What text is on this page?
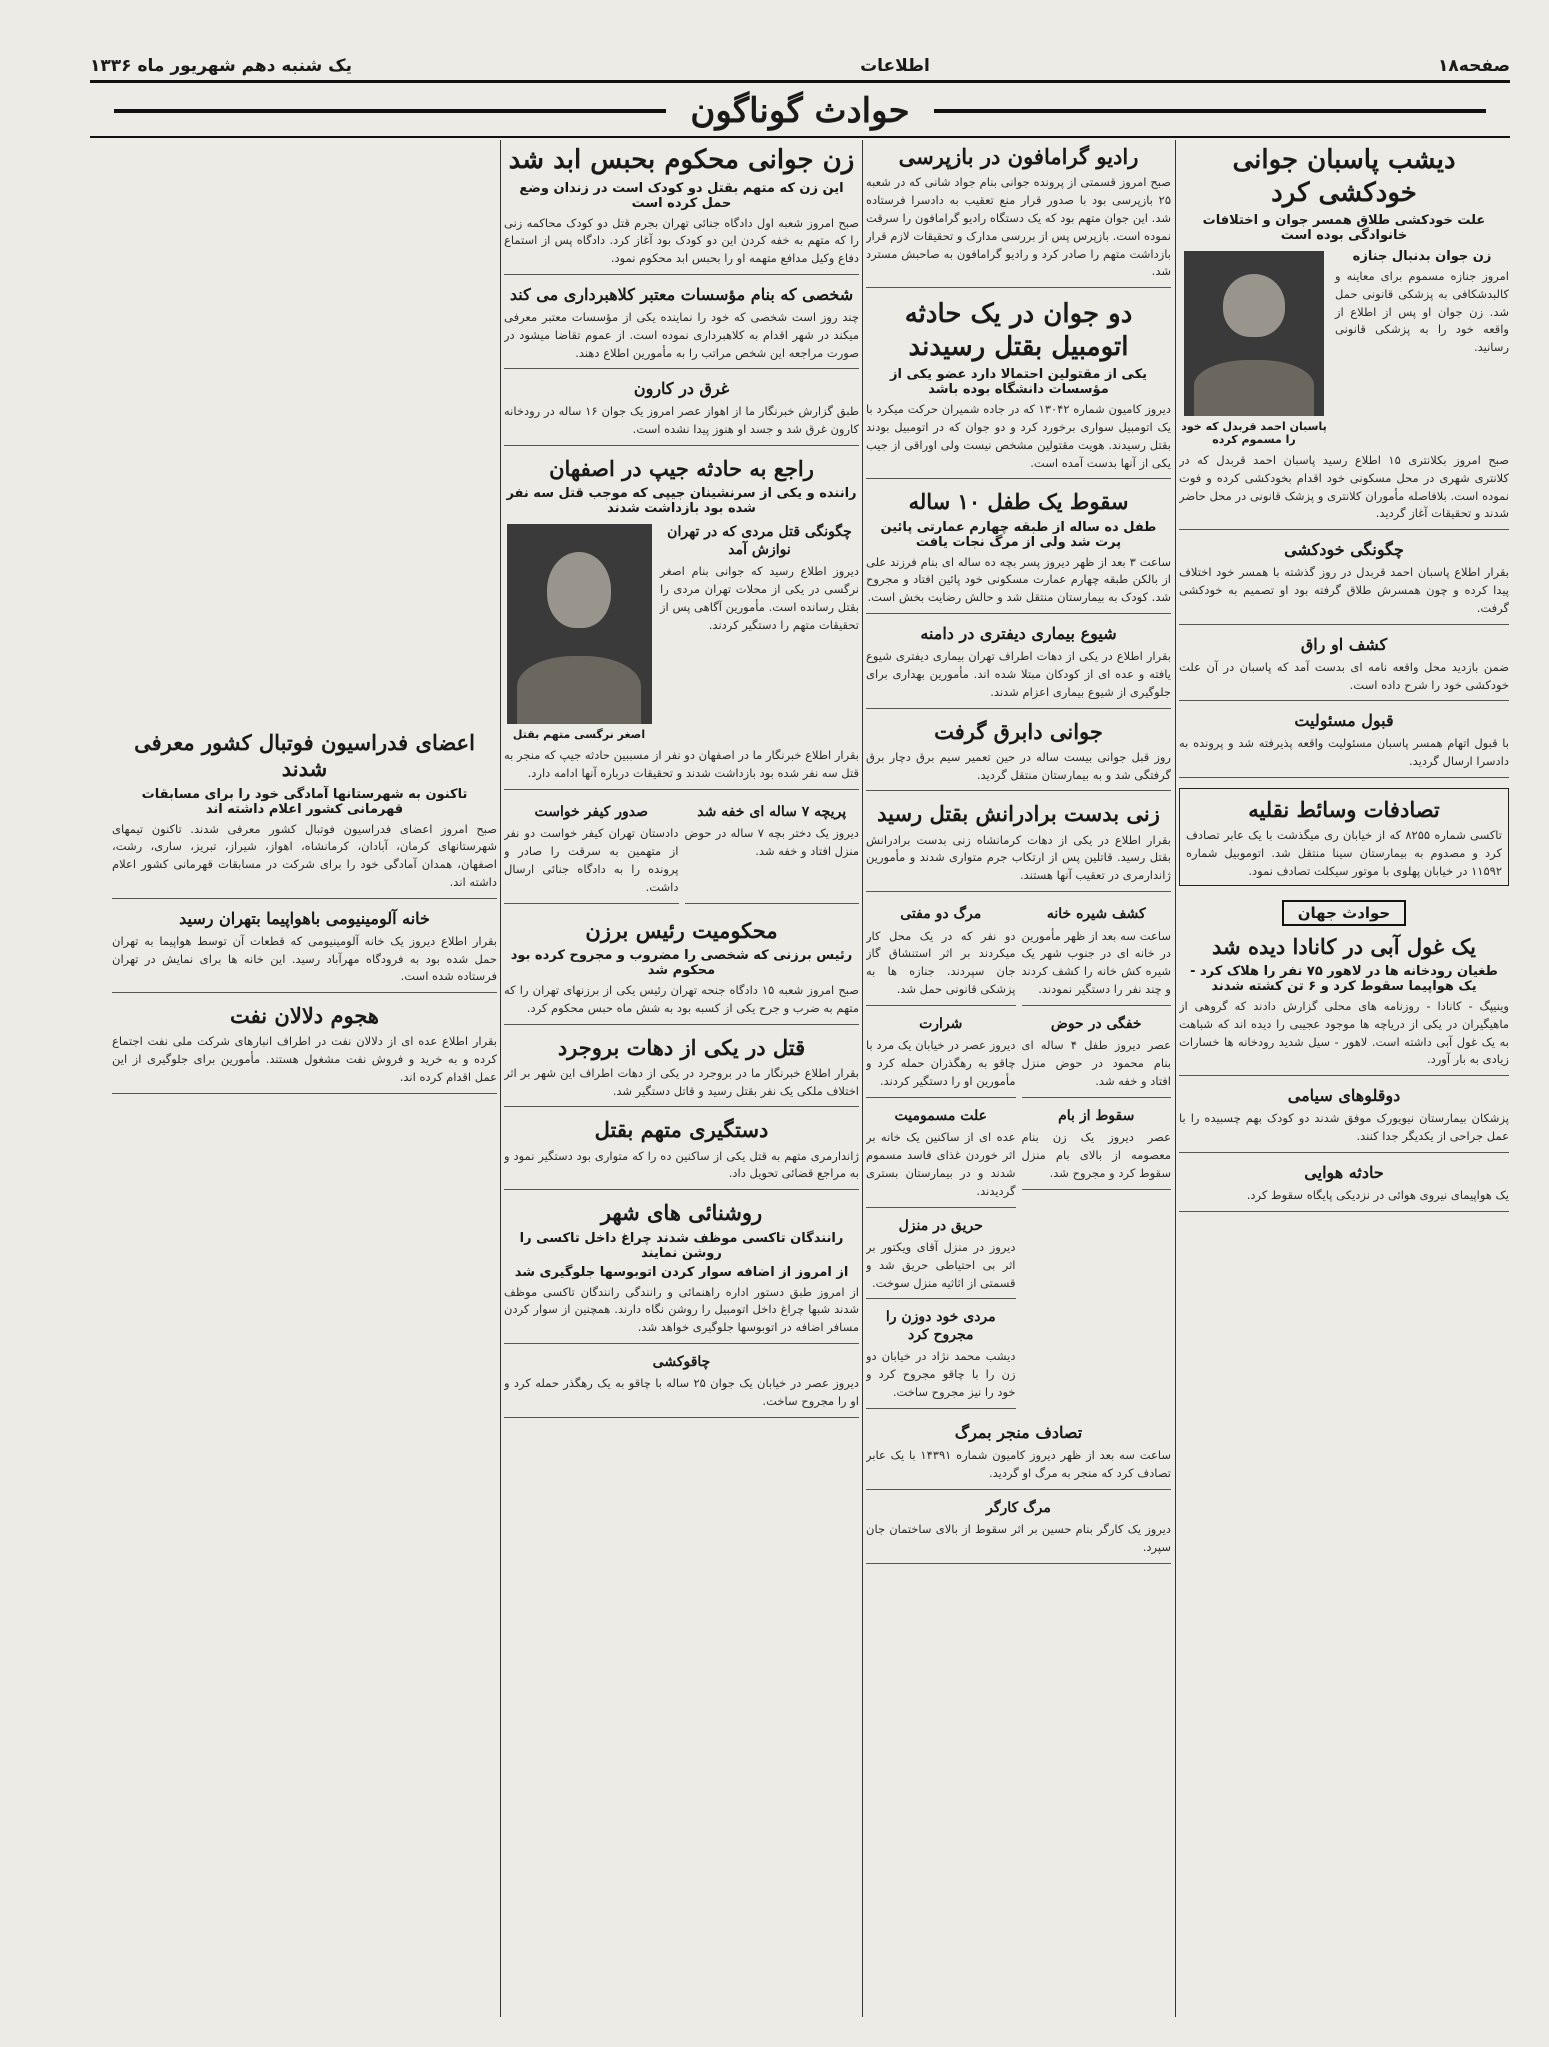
صفحه۱۸
اطلاعات
یک شنبه دهم شهریور ماه ۱۳۳۶
حوادث گوناگون
دیشب پاسبان جوانی خودکشی کرد
علت خودکشی طلاق همسر جوان و اختلافات خانوادگی بوده است
زن جوان بدنبال جنازه

امروز جنازه مسموم برای معاینه و کالبدشکافی به پزشکی قانونی حمل شد. زن جوان او پس از اطلاع از واقعه خود را به پزشکی قانونی رسانید.

پاسبان احمد قربدل که خود را مسموم کرده

صبح امروز بکلانتری ۱۵ اطلاع رسید پاسبان احمد قربدل که در کلانتری شهری در محل مسکونی خود اقدام بخودکشی کرده و فوت نموده است. بلافاصله مأموران کلانتری و پزشک قانونی در محل حاضر شدند و تحقیقات آغاز گردید.

چگونگی خودکشی

بقرار اطلاع پاسبان احمد قربدل در روز گذشته با همسر خود اختلاف پیدا کرده و چون همسرش طلاق گرفته بود او تصمیم به خودکشی گرفت.

کشف او راق

ضمن بازدید محل واقعه نامه ای بدست آمد که پاسبان در آن علت خودکشی خود را شرح داده است.

قبول مسئولیت

با قبول اتهام همسر پاسبان مسئولیت واقعه پذیرفته شد و پرونده به دادسرا ارسال گردید.

تصادفات وسائط نقلیه

تاکسی شماره ۸۲۵۵ که از خیابان ری میگذشت با یک عابر تصادف کرد و مصدوم به بیمارستان سینا منتقل شد. اتوموبیل شماره ۱۱۵۹۲ در خیابان پهلوی با موتور سیکلت تصادف نمود.

حوادث جهان
یک غول آبی در کانادا دیده شد
طغیان رودخانه ها در لاهور ۷۵ نفر را هلاک کرد - یک هواپیما سقوط کرد و ۶ تن کشته شدند

وینیپگ - کانادا - روزنامه های محلی گزارش دادند که گروهی از ماهیگیران در یکی از دریاچه ها موجود عجیبی را دیده اند که شباهت به یک غول آبی داشته است. لاهور - سیل شدید رودخانه ها خسارات زیادی به بار آورد.

دوقلوهای سیامی

پزشکان بیمارستان نیویورک موفق شدند دو کودک بهم چسبیده را با عمل جراحی از یکدیگر جدا کنند.

حادثه هوایی

یک هواپیمای نیروی هوائی در نزدیکی پایگاه سقوط کرد.

رادیو گرامافون در بازپرسی

صبح امروز قسمتی از پرونده جوانی بنام جواد شانی که در شعبه ۲۵ بازپرسی بود با صدور قرار منع تعقیب به دادسرا فرستاده شد. این جوان متهم بود که یک دستگاه رادیو گرامافون را سرقت نموده است. بازپرس پس از بررسی مدارک و تحقیقات لازم قرار بازداشت متهم را صادر کرد و رادیو گرامافون به صاحبش مسترد شد.

دو جوان در یک حادثه اتومبیل بقتل رسیدند
یکی از مقتولین احتمالا دارد عضو یکی از مؤسسات دانشگاه بوده باشد

دیروز کامیون شماره ۱۳۰۴۲ که در جاده شمیران حرکت میکرد با یک اتومبیل سواری برخورد کرد و دو جوان که در اتومبیل بودند بقتل رسیدند. هویت مقتولین مشخص نیست ولی اوراقی از جیب یکی از آنها بدست آمده است.

سقوط یک طفل ۱۰ ساله
طفل ده ساله از طبقه چهارم عمارتی پائین پرت شد ولی از مرگ نجات یافت

ساعت ۳ بعد از ظهر دیروز پسر بچه ده ساله ای بنام فرزند علی از بالکن طبقه چهارم عمارت مسکونی خود پائین افتاد و مجروح شد. کودک به بیمارستان منتقل شد و حالش رضایت بخش است.

شیوع بیماری دیفتری در دامنه

بقرار اطلاع در یکی از دهات اطراف تهران بیماری دیفتری شیوع یافته و عده ای از کودکان مبتلا شده اند. مأمورین بهداری برای جلوگیری از شیوع بیماری اعزام شدند.

جوانی دابرق گرفت

روز قبل جوانی بیست ساله در حین تعمیر سیم برق دچار برق گرفتگی شد و به بیمارستان منتقل گردید.

زنی بدست برادرانش بقتل رسید

بقرار اطلاع در یکی از دهات کرمانشاه زنی بدست برادرانش بقتل رسید. قاتلین پس از ارتکاب جرم متواری شدند و مأمورین ژاندارمری در تعقیب آنها هستند.

کشف شیره خانه

ساعت سه بعد از ظهر مأمورین در خانه ای در جنوب شهر یک شیره کش خانه را کشف کردند و چند نفر را دستگیر نمودند.

خفگی در حوض

عصر دیروز طفل ۴ ساله ای بنام محمود در حوض منزل افتاد و خفه شد.

سقوط از بام

عصر دیروز یک زن بنام معصومه از بالای بام منزل سقوط کرد و مجروح شد.

مرگ دو مفتی

دو نفر که در یک محل کار میکردند بر اثر استنشاق گاز جان سپردند. جنازه ها به پزشکی قانونی حمل شد.

شرارت

دیروز عصر در خیابان یک مرد با چاقو به رهگذران حمله کرد و مأمورین او را دستگیر کردند.

علت مسمومیت

عده ای از ساکنین یک خانه بر اثر خوردن غذای فاسد مسموم شدند و در بیمارستان بستری گردیدند.

حریق در منزل

دیروز در منزل آقای ویکتور بر اثر بی احتیاطی حریق شد و قسمتی از اثاثیه منزل سوخت.

مردی خود دوزن را مجروح کرد

دیشب محمد نژاد در خیابان دو زن را با چاقو مجروح کرد و خود را نیز مجروح ساخت.

تصادف منجر بمرگ

ساعت سه بعد از ظهر دیروز کامیون شماره ۱۴۳۹۱ با یک عابر تصادف کرد که منجر به مرگ او گردید.

مرگ کارگر

دیروز یک کارگر بنام حسین بر اثر سقوط از بالای ساختمان جان سپرد.

زن جوانی محکوم بحبس ابد شد
این زن که متهم بقتل دو کودک است در زندان وضع حمل کرده است

صبح امروز شعبه اول دادگاه جنائی تهران بجرم قتل دو کودک محاکمه زنی را که متهم به خفه کردن این دو کودک بود آغاز کرد. دادگاه پس از استماع دفاع وکیل مدافع متهمه او را بحبس ابد محکوم نمود.

شخصی که بنام مؤسسات معتبر کلاهبرداری می کند

چند روز است شخصی که خود را نماینده یکی از مؤسسات معتبر معرفی میکند در شهر اقدام به کلاهبرداری نموده است. از عموم تقاضا میشود در صورت مراجعه این شخص مراتب را به مأمورین اطلاع دهند.

غرق در کارون

طبق گزارش خبرنگار ما از اهواز عصر امروز یک جوان ۱۶ ساله در رودخانه کارون غرق شد و جسد او هنوز پیدا نشده است.

راجع به حادثه جیپ در اصفهان
راننده و یکی از سرنشینان جیپی که موجب قتل سه نفر شده بود بازداشت شدند
چگونگی قتل مردی که در تهران نوازش آمد

دیروز اطلاع رسید که جوانی بنام اصغر نرگسی در یکی از محلات تهران مردی را بقتل رسانده است. مأمورین آگاهی پس از تحقیقات متهم را دستگیر کردند.

اصغر نرگسی متهم بقتل

بقرار اطلاع خبرنگار ما در اصفهان دو نفر از مسببین حادثه جیپ که منجر به قتل سه نفر شده بود بازداشت شدند و تحقیقات درباره آنها ادامه دارد.

پریچه ۷ ساله ای خفه شد

دیروز یک دختر بچه ۷ ساله در حوض منزل افتاد و خفه شد.

صدور کیفر خواست

دادستان تهران کیفر خواست دو نفر از متهمین به سرقت را صادر و پرونده را به دادگاه جنائی ارسال داشت.

محکومیت رئیس برزن
رئیس برزنی که شخصی را مضروب و مجروح کرده بود محکوم شد

صبح امروز شعبه ۱۵ دادگاه جنحه تهران رئیس یکی از برزنهای تهران را که متهم به ضرب و جرح یکی از کسبه بود به شش ماه حبس محکوم کرد.

قتل در یکی از دهات بروجرد

بقرار اطلاع خبرنگار ما در بروجرد در یکی از دهات اطراف این شهر بر اثر اختلاف ملکی یک نفر بقتل رسید و قاتل دستگیر شد.

دستگیری متهم بقتل

ژاندارمری متهم به قتل یکی از ساکنین ده را که متواری بود دستگیر نمود و به مراجع قضائی تحویل داد.

روشنائی های شهر
رانندگان تاکسی موظف شدند چراغ داخل تاکسی را روشن نمایند
از امروز از اضافه سوار کردن اتوبوسها جلوگیری شد

از امروز طبق دستور اداره راهنمائی و رانندگی رانندگان تاکسی موظف شدند شبها چراغ داخل اتومبیل را روشن نگاه دارند. همچنین از سوار کردن مسافر اضافه در اتوبوسها جلوگیری خواهد شد.

چاقوکشی

دیروز عصر در خیابان یک جوان ۲۵ ساله با چاقو به یک رهگذر حمله کرد و او را مجروح ساخت.

اعضای فدراسیون فوتبال کشور معرفی شدند
تاکنون به شهرستانها آمادگی خود را برای مسابقات قهرمانی کشور اعلام داشته اند

صبح امروز اعضای فدراسیون فوتبال کشور معرفی شدند. تاکنون تیمهای شهرستانهای کرمان، آبادان، کرمانشاه، اهواز، شیراز، تبریز، ساری، رشت، اصفهان، همدان آمادگی خود را برای شرکت در مسابقات قهرمانی کشور اعلام داشته اند.

خانه آلومینیومی باهواپیما بتهران رسید

بقرار اطلاع دیروز یک خانه آلومینیومی که قطعات آن توسط هواپیما به تهران حمل شده بود به فرودگاه مهرآباد رسید. این خانه ها برای نمایش در تهران فرستاده شده است.

هجوم دلالان نفت

بقرار اطلاع عده ای از دلالان نفت در اطراف انبارهای شرکت ملی نفت اجتماع کرده و به خرید و فروش نفت مشغول هستند. مأمورین برای جلوگیری از این عمل اقدام کرده اند.
